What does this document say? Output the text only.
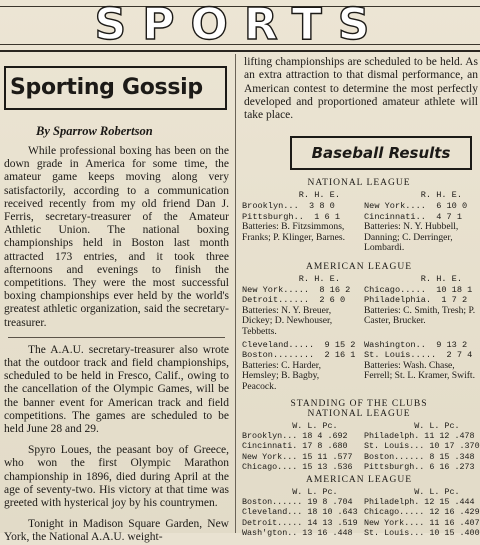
SPORTS
Sporting Gossip
By Sparrow Robertson

While professional boxing has been on the down grade in America for some time, the amateur game keeps moving along very satisfactorily, according to a communication received recently from my old friend Dan J. Ferris, secretary-treasurer of the Amateur Athletic Union. The national boxing championships held in Boston last month attracted 173 entries, and it took three afternoons and evenings to finish the competitions. They were the most successful boxing championships ever held by the world's greatest athletic organization, said the secretary-treasurer.

The A.A.U. secretary-treasurer also wrote that the outdoor track and field championships, scheduled to be held in Fresco, Calif., owing to the cancellation of the Olympic Games, will be the banner event for American track and field competitions. The games are scheduled to be held June 28 and 29.

Spyro Loues, the peasant boy of Greece, who won the first Olympic Marathon championship in 1896, died during April at the age of seventy-two. His victory at that time was greeted with hysterical joy by his countrymen.

Tonight in Madison Square Garden, New York, the National A.A.U. weight-

lifting championships are scheduled to be held. As an extra attraction to that dismal performance, an American contest to determine the most perfectly developed and proportioned amateur athlete will take place.

Baseball Results
NATIONAL LEAGUE
R. H. E.
Brooklyn...  3 8 0
Pittsburgh..  1 6 1
Batteries: B. Fitzsimmons, Franks; P. Klinger, Barnes.
R. H. E.
New York....  6 10 0
Cincinnati..  4 7 1
Batteries: N. Y. Hubbell, Danning; C. Derringer, Lombardi.
AMERICAN LEAGUE
R. H. E.
New York.....  8 16 2
Detroit......  2 6 0
Batteries: N. Y. Breuer, Dickey; D. Newhouser, Tebbetts.
R. H. E.
Chicago.....  10 18 1
Philadelphia.  1 7 2
Batteries: C. Smith, Tresh; P. Caster, Brucker.
Cleveland.....  9 15 2
Boston........  2 16 1
Batteries: C. Harder, Hemsley; B. Bagby, Peacock.
Washington..  9 13 2
St. Louis.....  2 7 4
Batteries: Wash. Chase, Ferrell; St. L. Kramer, Swift.
STANDING OF THE CLUBS
NATIONAL LEAGUE
W. L. Pc.
Brooklyn... 18 4 .692
Cincinnati. 17 8 .680
New York... 15 11 .577
Chicago.... 15 13 .536
W. L. Pc.
Philadelph. 11 12 .478
St. Louis... 10 17 .370
Boston...... 8 15 .348
Pittsburgh.. 6 16 .273
AMERICAN LEAGUE
W. L. Pc.
Boston...... 19 8 .704
Cleveland... 18 10 .643
Detroit..... 14 13 .519
Wash'gton.. 13 16 .448
W. L. Pc.
Philadelph. 12 15 .444
Chicago..... 12 16 .429
New York.... 11 16 .407
St. Louis... 10 15 .400
